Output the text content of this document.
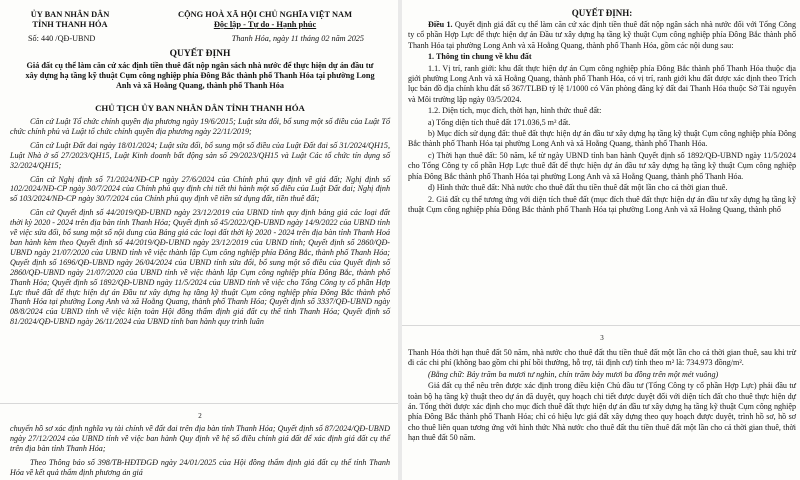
ỦY BAN NHÂN DÂN
TỈNH THANH HÓA
CỘNG HOÀ XÃ HỘI CHỦ NGHĨA VIỆT NAM
Độc lập - Tự do - Hạnh phúc
Số: 440 /QĐ-UBND	Thanh Hóa, ngày 11 tháng 02 năm 2025
QUYẾT ĐỊNH
Giá đất cụ thể làm căn cứ xác định tiền thuê đất nộp ngân sách nhà nước để thực hiện dự án đầu tư xây dựng hạ tầng kỹ thuật Cụm công nghiệp phía Đông Bắc thành phố Thanh Hóa tại phường Long Anh và xã Hoằng Quang, thành phố Thanh Hóa
CHỦ TỊCH ỦY BAN NHÂN DÂN TỈNH THANH HÓA

Căn cứ Luật Tổ chức chính quyền địa phương ngày 19/6/2015; Luật sửa đổi, bổ sung một số điều của Luật Tổ chức chính phủ và Luật tổ chức chính quyền địa phương ngày 22/11/2019;

Căn cứ Luật Đất đai ngày 18/01/2024; Luật sửa đổi, bổ sung một số điều của Luật Đất đai số 31/2024/QH15, Luật Nhà ở số 27/2023/QH15, Luật Kinh doanh bất động sản số 29/2023/QH15 và Luật Các tổ chức tín dụng số 32/2024/QH15;

Căn cứ Nghị định số 71/2024/NĐ-CP ngày 27/6/2024 của Chính phủ quy định về giá đất; Nghị định số 102/2024/NĐ-CP ngày 30/7/2024 của Chính phủ quy định chi tiết thi hành một số điều của Luật Đất đai; Nghị định số 103/2024/NĐ-CP ngày 30/7/2024 của Chính phủ quy định về tiền sử dụng đất, tiền thuê đất;

Căn cứ Quyết định số 44/2019/QĐ-UBND ngày 23/12/2019 của UBND tỉnh quy định bảng giá các loại đất thời kỳ 2020 - 2024 trên địa bàn tỉnh Thanh Hóa; Quyết định số 45/2022/QĐ-UBND ngày 14/9/2022 của UBND tỉnh về việc sửa đổi, bổ sung một số nội dung của Bảng giá các loại đất thời kỳ 2020 - 2024 trên địa bàn tỉnh Thanh Hoá ban hành kèm theo Quyết định số 44/2019/QĐ-UBND ngày 23/12/2019 của UBND tỉnh; Quyết định số 2860/QĐ-UBND ngày 21/07/2020 của UBND tỉnh về việc thành lập Cụm công nghiệp phía Đông Bắc, thành phố Thanh Hóa; Quyết định số 1696/QĐ-UBND ngày 26/04/2024 của UBND tỉnh sửa đổi, bổ sung một số điều của Quyết định số 2860/QĐ-UBND ngày 21/07/2020 của UBND tỉnh về việc thành lập Cụm công nghiệp phía Đông Bắc, thành phố Thanh Hóa; Quyết định số 1892/QĐ-UBND ngày 11/5/2024 của UBND tỉnh về việc cho Tổng Công ty cổ phần Hợp Lực thuê đất để thực hiện dự án Đầu tư xây dựng hạ tầng kỹ thuật Cụm công nghiệp phía Đông Bắc thành phố Thanh Hóa tại phường Long Anh và xã Hoằng Quang, thành phố Thanh Hóa; Quyết định số 3337/QĐ-UBND ngày 08/8/2024 của UBND tỉnh về việc kiện toàn Hội đồng thẩm định giá đất cụ thể tỉnh Thanh Hóa; Quyết định số 81/2024/QĐ-UBND ngày 26/11/2024 của UBND tỉnh ban hành quy trình luân

2

chuyển hồ sơ xác định nghĩa vụ tài chính về đất đai trên địa bàn tỉnh Thanh Hóa; Quyết định số 87/2024/QĐ-UBND ngày 27/12/2024 của UBND tỉnh về việc ban hành Quy định về hệ số điều chỉnh giá đất để xác định giá đất cụ thể trên địa bàn tỉnh Thanh Hóa;

Theo Thông báo số 398/TB-HĐTĐGĐ ngày 24/01/2025 của Hội đồng thẩm định giá đất cụ thể tỉnh Thanh Hóa về kết quả thẩm định phương án giá

QUYẾT ĐỊNH:

Điều 1. Quyết định giá đất cụ thể làm căn cứ xác định tiền thuê đất nộp ngân sách nhà nước đối với Tổng Công ty cổ phần Hợp Lực để thực hiện dự án Đầu tư xây dựng hạ tầng kỹ thuật Cụm công nghiệp phía Đông Bắc thành phố Thanh Hóa tại phường Long Anh và xã Hoằng Quang, thành phố Thanh Hóa, gồm các nội dung sau:

1. Thông tin chung về khu đất

1.1. Vị trí, ranh giới: khu đất thực hiện dự án Cụm công nghiệp phía Đông Bắc thành phố Thanh Hóa thuộc địa giới phường Long Anh và xã Hoằng Quang, thành phố Thanh Hóa, có vị trí, ranh giới khu đất được xác định theo Trích lục bản đồ địa chính khu đất số 367/TLBĐ tỷ lệ 1/1000 có Văn phòng đăng ký đất đai Thanh Hóa thuộc Sở Tài nguyên và Môi trường lập ngày 03/5/2024.

1.2. Diện tích, mục đích, thời hạn, hình thức thuê đất:

a) Tổng diện tích thuê đất 171.036,5 m² đất.

b) Mục đích sử dụng đất: thuê đất thực hiện dự án đầu tư xây dựng hạ tầng kỹ thuật Cụm công nghiệp phía Đông Bắc thành phố Thanh Hóa tại phường Long Anh và xã Hoằng Quang, thành phố Thanh Hóa.

c) Thời hạn thuê đất: 50 năm, kể từ ngày UBND tỉnh ban hành Quyết định số 1892/QĐ-UBND ngày 11/5/2024 cho Tổng Công ty cổ phần Hợp Lực thuê đất để thực hiện dự án đầu tư xây dựng hạ tầng kỹ thuật Cụm công nghiệp phía Đông Bắc thành phố Thanh Hóa tại phường Long Anh và xã Hoằng Quang, thành phố Thanh Hóa.

d) Hình thức thuê đất: Nhà nước cho thuê đất thu tiền thuê đất một lần cho cả thời gian thuê.

2. Giá đất cụ thể tương ứng với diện tích thuê đất (mục đích thuê đất thực hiện dự án đầu tư xây dựng hạ tầng kỹ thuật Cụm công nghiệp phía Đông Bắc thành phố Thanh Hóa tại phường Long Anh và xã Hoằng Quang, thành phố

3

Thanh Hóa thời hạn thuê đất 50 năm, nhà nước cho thuê đất thu tiền thuê đất một lần cho cả thời gian thuê, sau khi trừ đi các chi phí (không bao gồm chi phí bồi thường, hỗ trợ, tái định cư) tính theo m² là: 734.973 đồng/m².

(Bằng chữ: Bảy trăm ba mươi tư nghìn, chín trăm bảy mươi ba đồng trên một mét vuông)

Giá đất cụ thể nêu trên được xác định trong điều kiện Chủ đầu tư (Tổng Công ty cổ phần Hợp Lực) phải đầu tư toàn bộ hạ tầng kỹ thuật theo dự án đã duyệt, quy hoạch chi tiết được duyệt đối với diện tích đất cho thuê thực hiện dự án. Tổng thời được xác định cho mục đích thuê đất thực hiện dự án đầu tư xây dựng hạ tầng kỹ thuật Cụm công nghiệp phía Đông Bắc thành phố Thanh Hóa; chỉ có hiệu lực giá đất xây dựng theo quy hoạch được duyệt, trình hồ sơ, hồ sơ cho thuê liên quan tương ứng với hình thức Nhà nước cho thuê đất thu tiền thuê đất một lần cho cả thời gian thuê, thời hạn thuê đất 50 năm.
